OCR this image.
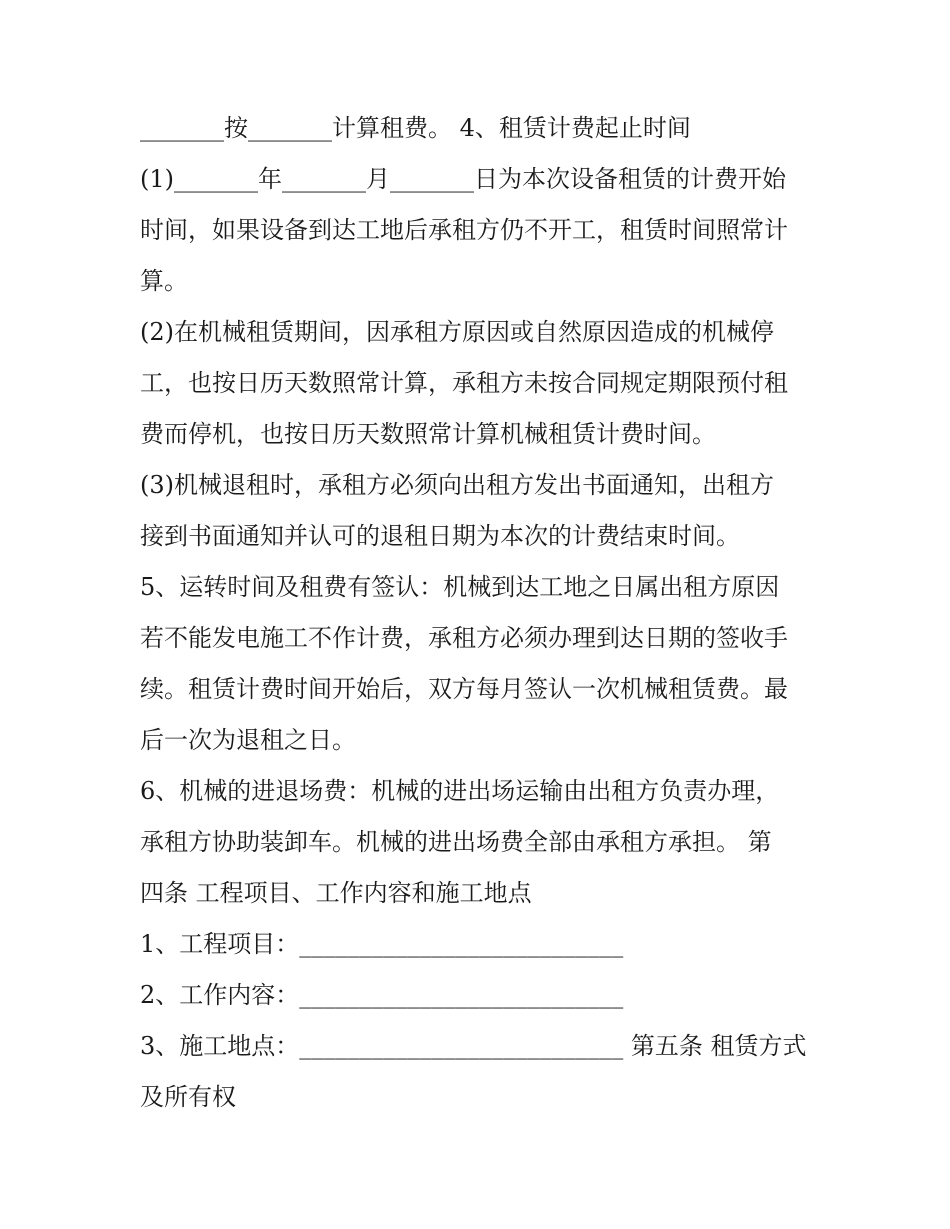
_______按_______计算租费。 4、租赁计费起止时间
(1)_______年_______月_______日为本次设备租赁的计费开始
时间，如果设备到达工地后承租方仍不开工，租赁时间照常计
算。
(2)在机械租赁期间，因承租方原因或自然原因造成的机械停
工，也按日历天数照常计算，承租方未按合同规定期限预付租
费而停机，也按日历天数照常计算机械租赁计费时间。
(3)机械退租时，承租方必须向出租方发出书面通知，出租方
接到书面通知并认可的退租日期为本次的计费结束时间。
5、运转时间及租费有签认：机械到达工地之日属出租方原因
若不能发电施工不作计费，承租方必须办理到达日期的签收手
续。租赁计费时间开始后，双方每月签认一次机械租赁费。最
后一次为退租之日。
6、机械的进退场费：机械的进出场运输由出租方负责办理，
承租方协助装卸车。机械的进出场费全部由承租方承担。 第
四条 工程项目、工作内容和施工地点
1、工程项目：___________________________
2、工作内容：___________________________
3、施工地点：___________________________ 第五条 租赁方式
及所有权
